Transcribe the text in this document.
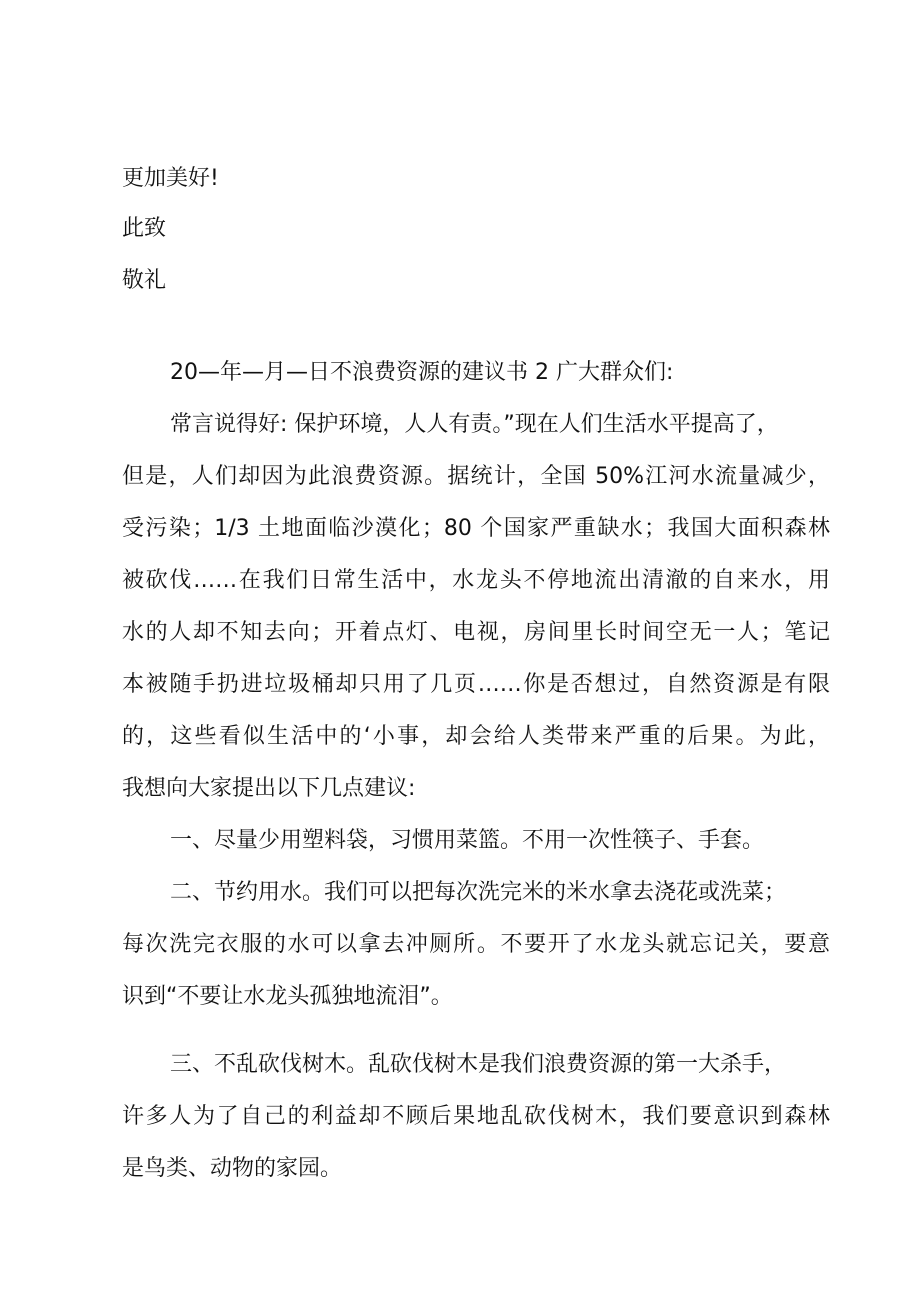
更加美好!
此致
敬礼
20—年—月—日不浪费资源的建议书 2 广大群众们:
常言说得好: 保护环境，人人有责。”现在人们生活水平提高了，
但是，人们却因为此浪费资源。据统计，全国 50%江河水流量减少，
受污染；1/3 土地面临沙漠化；80 个国家严重缺水；我国大面积森林
被砍伐……在我们日常生活中，水龙头不停地流出清澈的自来水，用
水的人却不知去向；开着点灯、电视，房间里长时间空无一人；笔记
本被随手扔进垃圾桶却只用了几页……你是否想过，自然资源是有限
的，这些看似生活中的‘小事，却会给人类带来严重的后果。为此，
我想向大家提出以下几点建议:
一、尽量少用塑料袋，习惯用菜篮。不用一次性筷子、手套。
二、节约用水。我们可以把每次洗完米的米水拿去浇花或洗菜；
每次洗完衣服的水可以拿去冲厕所。不要开了水龙头就忘记关，要意
识到“不要让水龙头孤独地流泪”。
三、不乱砍伐树木。乱砍伐树木是我们浪费资源的第一大杀手，
许多人为了自己的利益却不顾后果地乱砍伐树木，我们要意识到森林
是鸟类、动物的家园。
